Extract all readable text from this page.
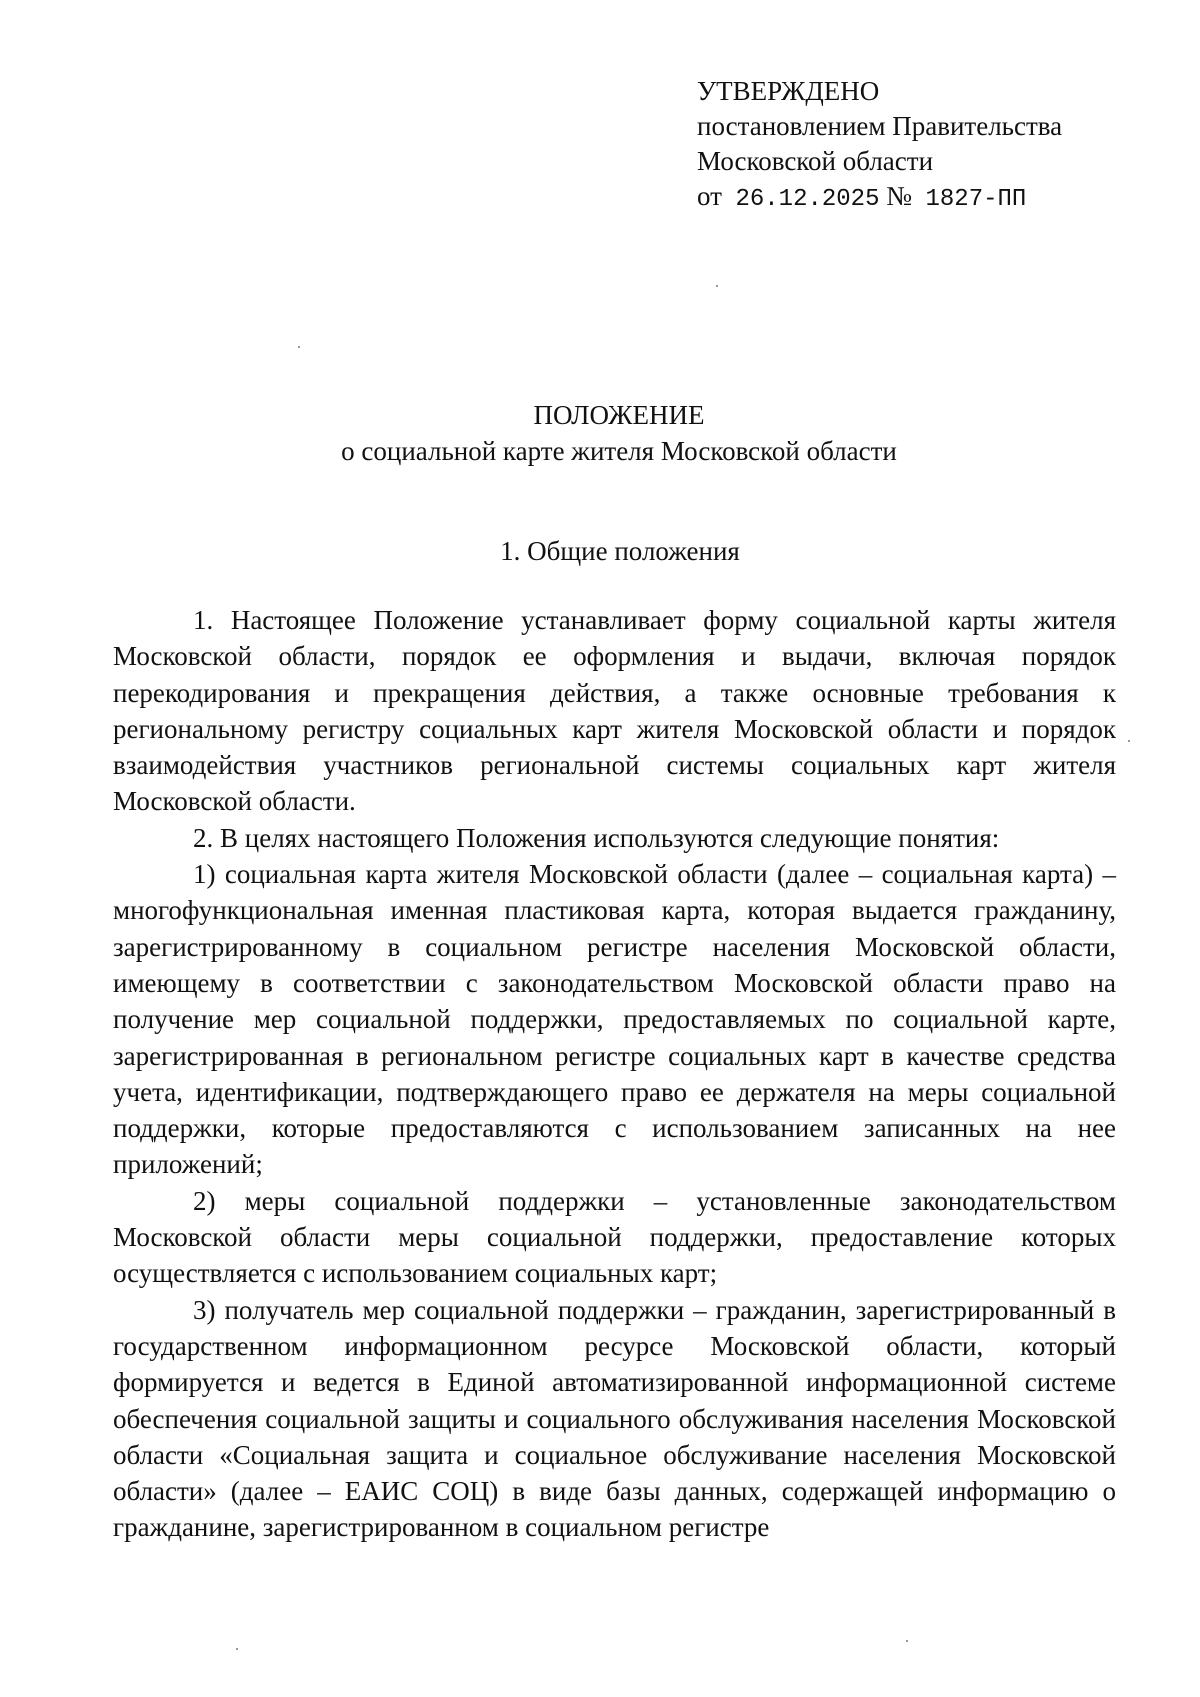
УТВЕРЖДЕНО
постановлением Правительства
Московской области
от 26.12.2025 № 1827-ПП
ПОЛОЖЕНИЕ
о социальной карте жителя Московской области
1. Общие положения

1. Настоящее Положение устанавливает форму социальной карты жителя Московской области, порядок ее оформления и выдачи, включая порядок перекодирования и прекращения действия, а также основные требования к региональному регистру социальных карт жителя Московской области и порядок взаимодействия участников региональной системы социальных карт жителя Московской области.

2. В целях настоящего Положения используются следующие понятия:

1) социальная карта жителя Московской области (далее – социальная карта) – многофункциональная именная пластиковая карта, которая выдается гражданину, зарегистрированному в социальном регистре населения Московской области, имеющему в соответствии с законодательством Московской области право на получение мер социальной поддержки, предоставляемых по социальной карте, зарегистрированная в региональном регистре социальных карт в качестве средства учета, идентификации, подтверждающего право ее держателя на меры социальной поддержки, которые предоставляются с использованием записанных на нее приложений;

2) меры социальной поддержки – установленные законодательством Московской области меры социальной поддержки, предоставление которых осуществляется с использованием социальных карт;

3) получатель мер социальной поддержки – гражданин, зарегистрированный в государственном информационном ресурсе Московской области, который формируется и ведется в Единой автоматизированной информационной системе обеспечения социальной защиты и социального обслуживания населения Московской области «Социальная защита и социальное обслуживание населения Московской области» (далее – ЕАИС СОЦ) в виде базы данных, содержащей информацию о гражданине, зарегистрированном в социальном регистре
